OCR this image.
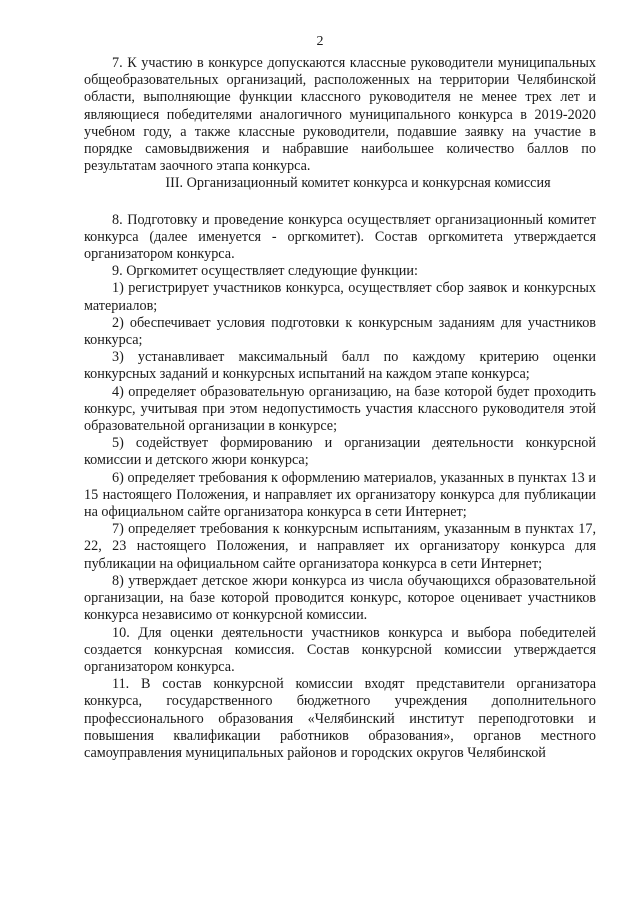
2

7. К участию в конкурсе допускаются классные руководители муниципальных общеобразовательных организаций, расположенных на территории Челябинской области, выполняющие функции классного руководителя не менее трех лет и являющиеся победителями аналогичного муниципального конкурса в 2019-2020 учебном году, а также классные руководители, подавшие заявку на участие в порядке самовыдвижения и набравшие наибольшее количество баллов по результатам заочного этапа конкурса.

III. Организационный комитет конкурса и конкурсная комиссия

8. Подготовку и проведение конкурса осуществляет организационный комитет конкурса (далее именуется - оргкомитет). Состав оргкомитета утверждается организатором конкурса.

9. Оргкомитет осуществляет следующие функции:

1) регистрирует участников конкурса, осуществляет сбор заявок и конкурсных материалов;

2) обеспечивает условия подготовки к конкурсным заданиям для участников конкурса;

3) устанавливает максимальный балл по каждому критерию оценки конкурсных заданий и конкурсных испытаний на каждом этапе конкурса;

4) определяет образовательную организацию, на базе которой будет проходить конкурс, учитывая при этом недопустимость участия классного руководителя этой образовательной организации в конкурсе;

5) содействует формированию и организации деятельности конкурсной комиссии и детского жюри конкурса;

6) определяет требования к оформлению материалов, указанных в пунктах 13 и 15 настоящего Положения, и направляет их организатору конкурса для публикации на официальном сайте организатора конкурса в сети Интернет;

7) определяет требования к конкурсным испытаниям, указанным в пунктах 17, 22, 23 настоящего Положения, и направляет их организатору конкурса для публикации на официальном сайте организатора конкурса в сети Интернет;

8) утверждает детское жюри конкурса из числа обучающихся образовательной организации, на базе которой проводится конкурс, которое оценивает участников конкурса независимо от конкурсной комиссии.

10. Для оценки деятельности участников конкурса и выбора победителей создается конкурсная комиссия. Состав конкурсной комиссии утверждается организатором конкурса.

11. В состав конкурсной комиссии входят представители организатора конкурса, государственного бюджетного учреждения дополнительного профессионального образования «Челябинский институт переподготовки и повышения квалификации работников образования», органов местного самоуправления муниципальных районов и городских округов Челябинской
